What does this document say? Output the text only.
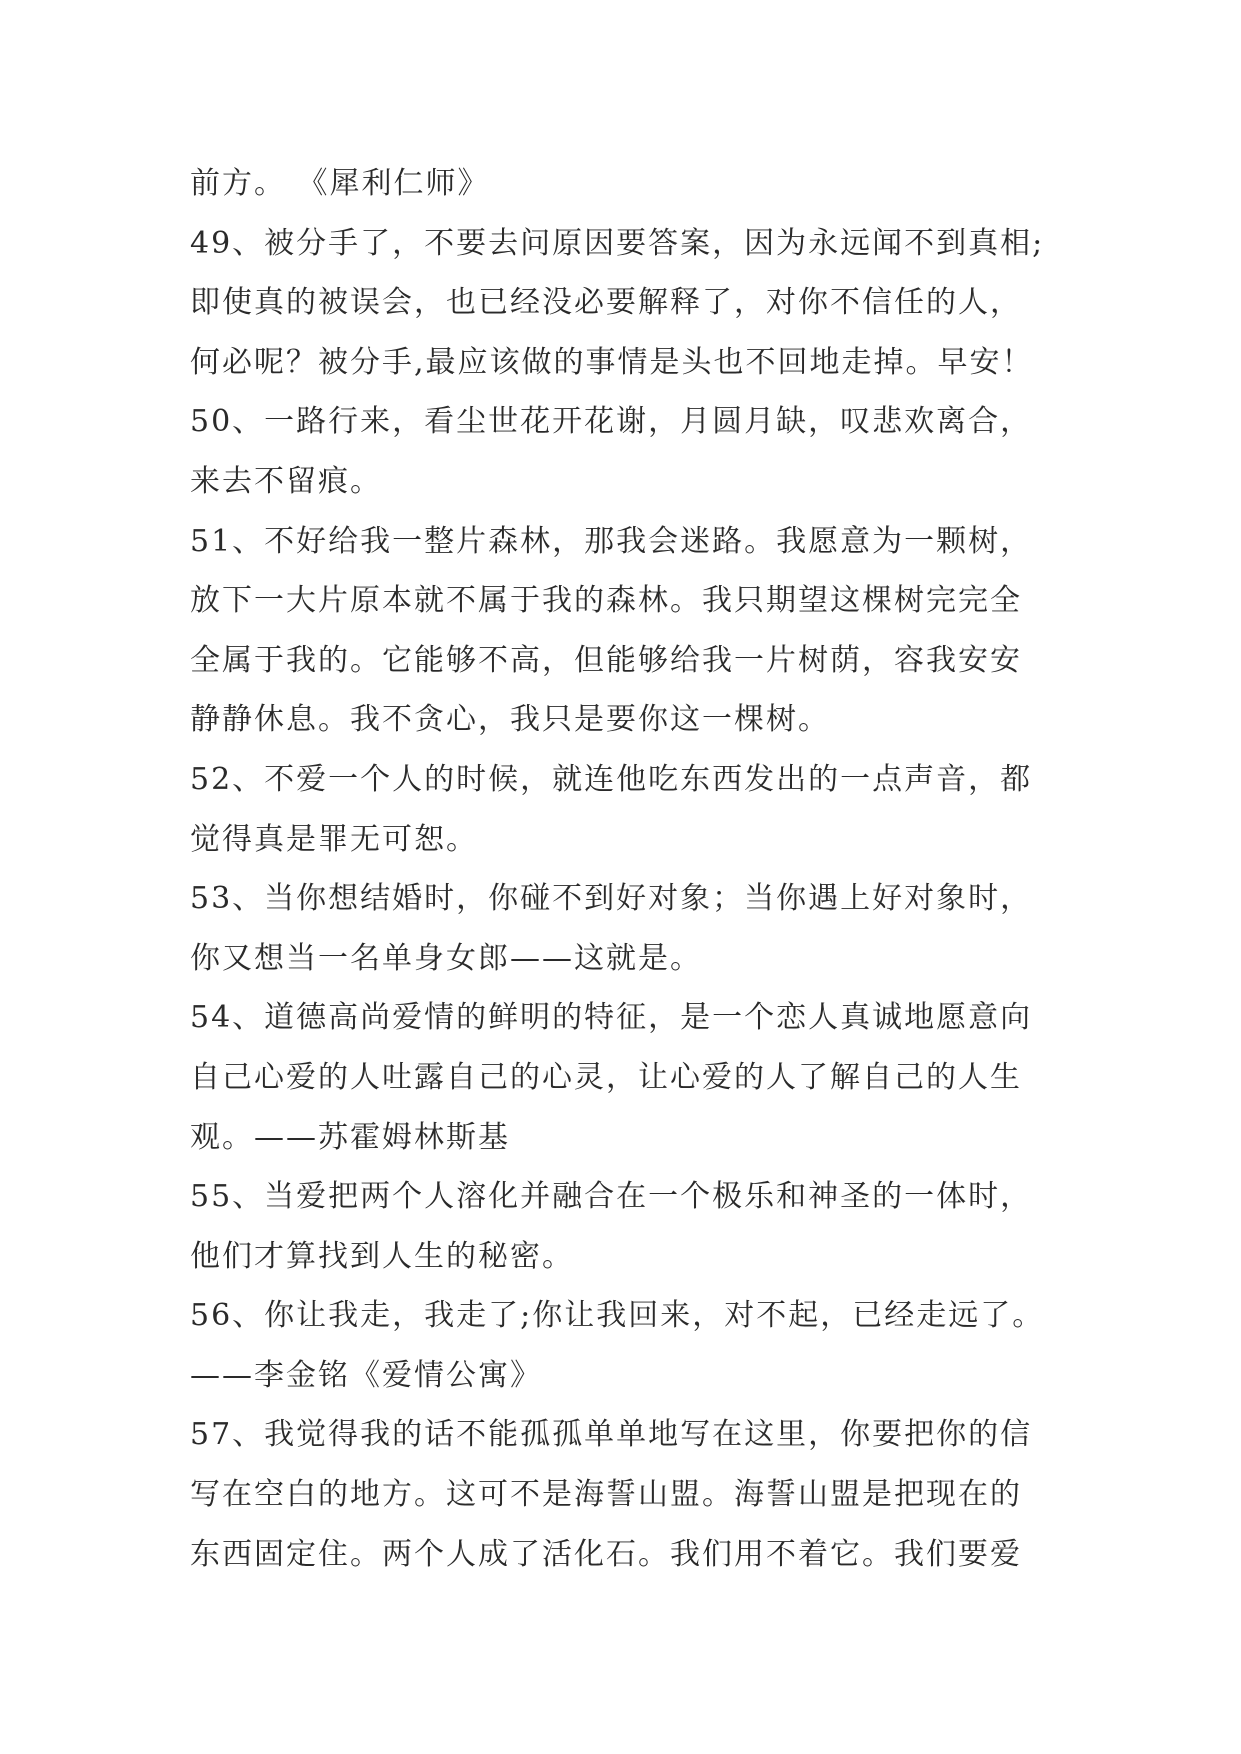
前方。 《犀利仁师》
49、被分手了，不要去问原因要答案，因为永远闻不到真相;
即使真的被误会，也已经没必要解释了，对你不信任的人，
何必呢？被分手,最应该做的事情是头也不回地走掉。早安！
50、一路行来，看尘世花开花谢，月圆月缺，叹悲欢离合，
来去不留痕。
51、不好给我一整片森林，那我会迷路。我愿意为一颗树，
放下一大片原本就不属于我的森林。我只期望这棵树完完全
全属于我的。它能够不高，但能够给我一片树荫，容我安安
静静休息。我不贪心，我只是要你这一棵树。
52、不爱一个人的时候，就连他吃东西发出的一点声音，都
觉得真是罪无可恕。
53、当你想结婚时，你碰不到好对象；当你遇上好对象时，
你又想当一名单身女郎——这就是。
54、道德高尚爱情的鲜明的特征，是一个恋人真诚地愿意向
自己心爱的人吐露自己的心灵，让心爱的人了解自己的人生
观。——苏霍姆林斯基
55、当爱把两个人溶化并融合在一个极乐和神圣的一体时，
他们才算找到人生的秘密。
56、你让我走，我走了;你让我回来，对不起，已经走远了。
——李金铭《爱情公寓》
57、我觉得我的话不能孤孤单单地写在这里，你要把你的信
写在空白的地方。这可不是海誓山盟。海誓山盟是把现在的
东西固定住。两个人成了活化石。我们用不着它。我们要爱
